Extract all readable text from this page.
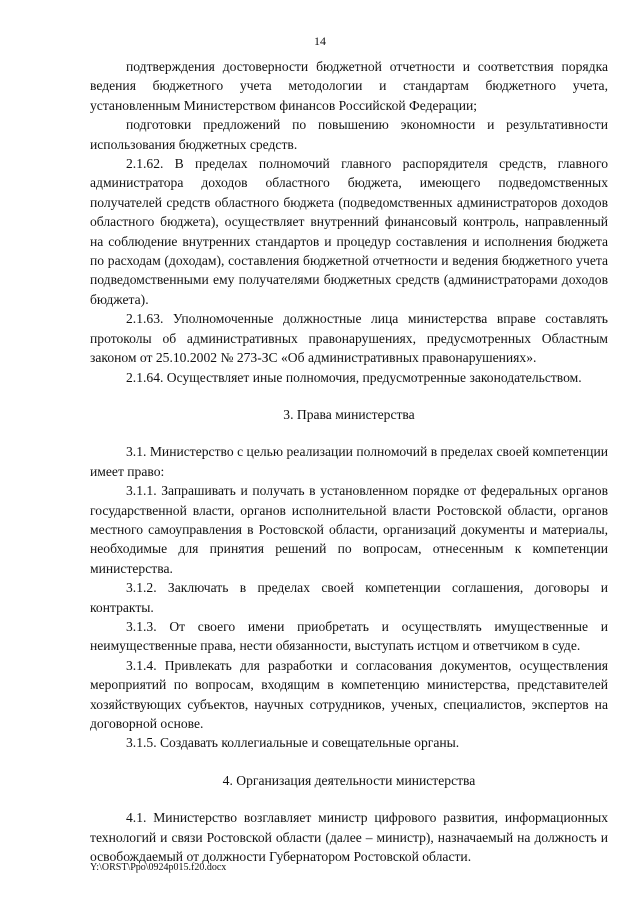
14

подтверждения достоверности бюджетной отчетности и соответствия порядка ведения бюджетного учета методологии и стандартам бюджетного учета, установленным Министерством финансов Российской Федерации;

подготовки предложений по повышению экономности и результативности использования бюджетных средств.

2.1.62. В пределах полномочий главного распорядителя средств, главного администратора доходов областного бюджета, имеющего подведомственных получателей средств областного бюджета (подведомственных администраторов доходов областного бюджета), осуществляет внутренний финансовый контроль, направленный на соблюдение внутренних стандартов и процедур составления и исполнения бюджета по расходам (доходам), составления бюджетной отчетности и ведения бюджетного учета подведомственными ему получателями бюджетных средств (администраторами доходов бюджета).

2.1.63. Уполномоченные должностные лица министерства вправе составлять протоколы об административных правонарушениях, предусмотренных Областным законом от 25.10.2002 № 273-ЗС «Об административных правонарушениях».

2.1.64. Осуществляет иные полномочия, предусмотренные законодательством.

3. Права министерства

3.1. Министерство с целью реализации полномочий в пределах своей компетенции имеет право:

3.1.1. Запрашивать и получать в установленном порядке от федеральных органов государственной власти, органов исполнительной власти Ростовской области, органов местного самоуправления в Ростовской области, организаций документы и материалы, необходимые для принятия решений по вопросам, отнесенным к компетенции министерства.

3.1.2. Заключать в пределах своей компетенции соглашения, договоры и контракты.

3.1.3. От своего имени приобретать и осуществлять имущественные и неимущественные права, нести обязанности, выступать истцом и ответчиком в суде.

3.1.4. Привлекать для разработки и согласования документов, осуществления мероприятий по вопросам, входящим в компетенцию министерства, представителей хозяйствующих субъектов, научных сотрудников, ученых, специалистов, экспертов на договорной основе.

3.1.5. Создавать коллегиальные и совещательные органы.

4. Организация деятельности министерства

4.1. Министерство возглавляет министр цифрового развития, информационных технологий и связи Ростовской области (далее – министр), назначаемый на должность и освобождаемый от должности Губернатором Ростовской области.

Y:\ORST\Ppo\0924p015.f20.docx
